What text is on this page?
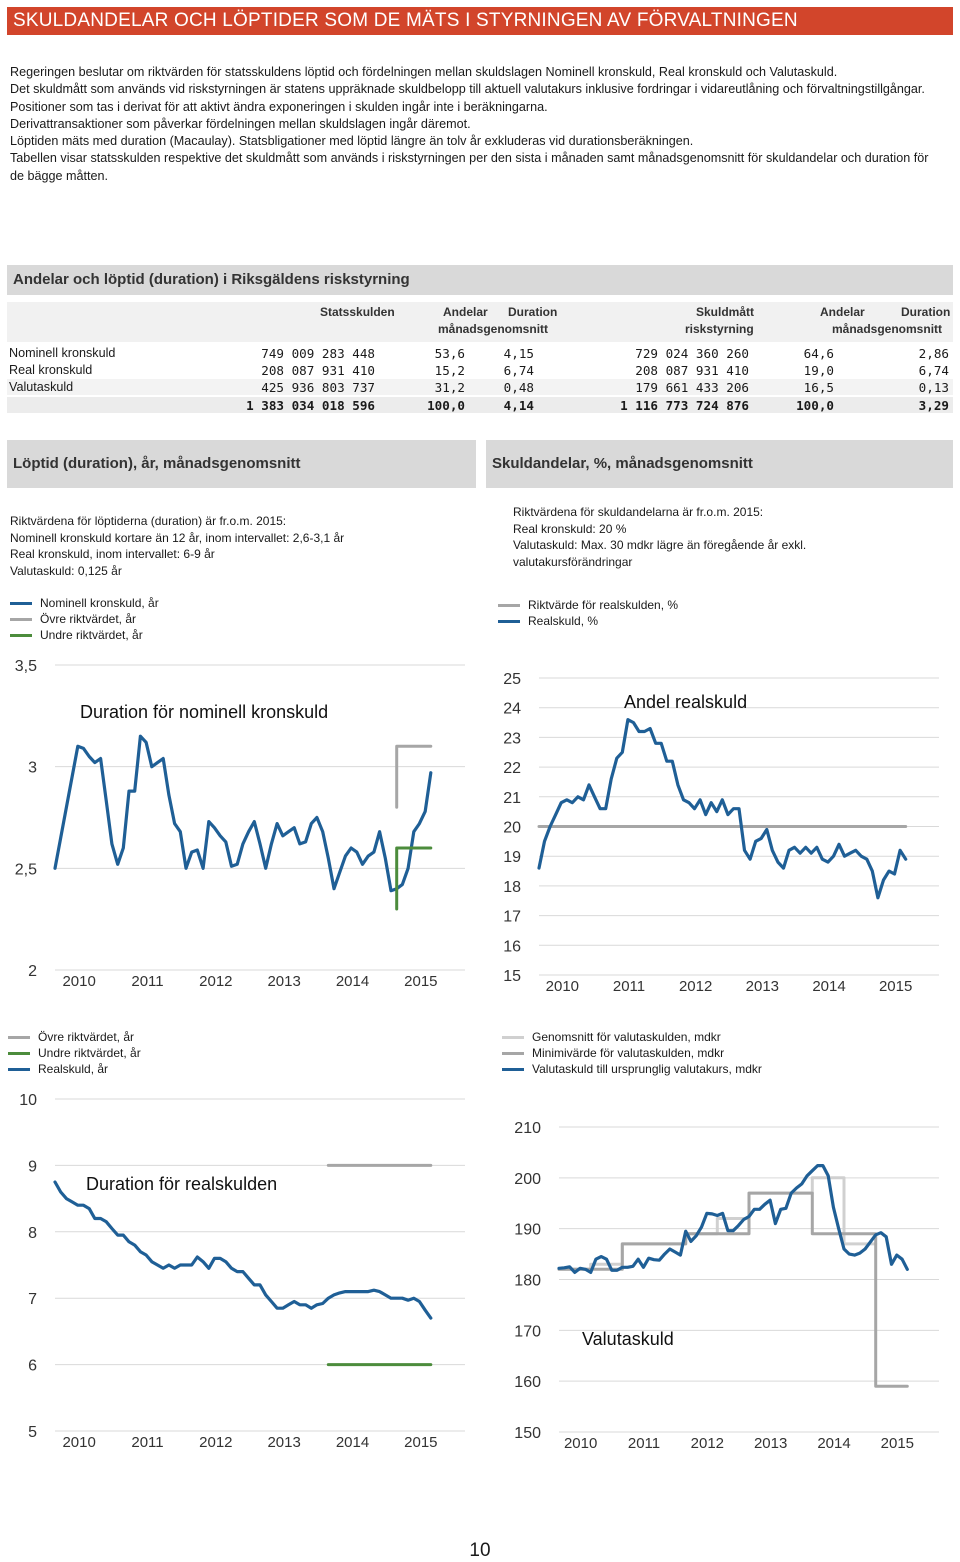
SKULDANDELAR OCH LÖPTIDER SOM DE MÄTS I STYRNINGEN AV FÖRVALTNINGEN

Regeringen beslutar om riktvärden för statsskuldens löptid och fördelningen mellan skuldslagen Nominell kronskuld, Real kronskuld och Valutaskuld.

Det skuldmått som används vid riskstyrningen är statens uppräknade skuldbelopp till aktuell valutakurs inklusive fordringar i vidareutlåning och förvaltningstillgångar. Positioner som tas i derivat för att aktivt ändra exponeringen i skulden ingår inte i beräkningarna.

Derivattransaktioner som påverkar fördelningen mellan skuldslagen ingår däremot.

Löptiden mäts med duration (Macaulay). Statsbligationer med löptid längre än tolv år exkluderas vid durationsberäkningen.

Tabellen visar statsskulden respektive det skuldmått som används i riskstyrningen per den sista i månaden samt månadsgenomsnitt för skuldandelar och duration för de bägge måtten.

Andelar och löptid (duration) i Riksgäldens riskstyrning
Statsskulden	Andelar Duration
månadsgenomsnitt
Skuldmått
riskstyrning
Andelar	Duration
månadsgenomsnitt
Nominell kronskuld	749 009 283 448	53,6	4,15	729 024 360 260	64,6	2,86
Real kronskuld	208 087 931 410	15,2	6,74	208 087 931 410	19,0	6,74
Valutaskuld	425 936 803 737	31,2	0,48	179 661 433 206	16,5	0,13
1 383 034 018 596	100,0	4,14	1 116 773 724 876	100,0	3,29
Löptid (duration), år, månadsgenomsnitt	Skuldandelar, %, månadsgenomsnitt
Riktvärdena för löptiderna (duration) är fr.o.m. 2015:
Nominell kronskuld kortare än 12 år, inom intervallet: 2,6-3,1 år
Real kronskuld, inom intervallet: 6-9 år
Valutaskuld: 0,125 år
Riktvärdena för skuldandelarna är fr.o.m. 2015:
Real kronskuld: 20 %
Valutaskuld: Max. 30 mdkr lägre än föregående år exkl.
valutakursförändringar
Nominell kronskuld, år
Övre riktvärdet, år
Undre riktvärdet, år
Riktvärde för realskulden, %
Realskuld, %
Övre riktvärdet, år
Undre riktvärdet, år
Realskuld, år
Genomsnitt för valutaskulden, mdkr
Minimivärde för valutaskulden, mdkr
Valutaskuld till ursprunglig valutakurs, mdkr
2
2,5
3
3,5
2010 2011 2012 2013 2014 2015
Duration för nominell kronskuld
15
16
17
18
19
20
21
22
23
24
25
2010 2011 2012 2013 2014 2015
Andel realskuld
5
6
7
8
9
10
2010 2011 2012 2013 2014 2015
Duration för realskulden
150
160
170
180
190
200
210
2010 2011 2012 2013 2014 2015
Valutaskuld
10
